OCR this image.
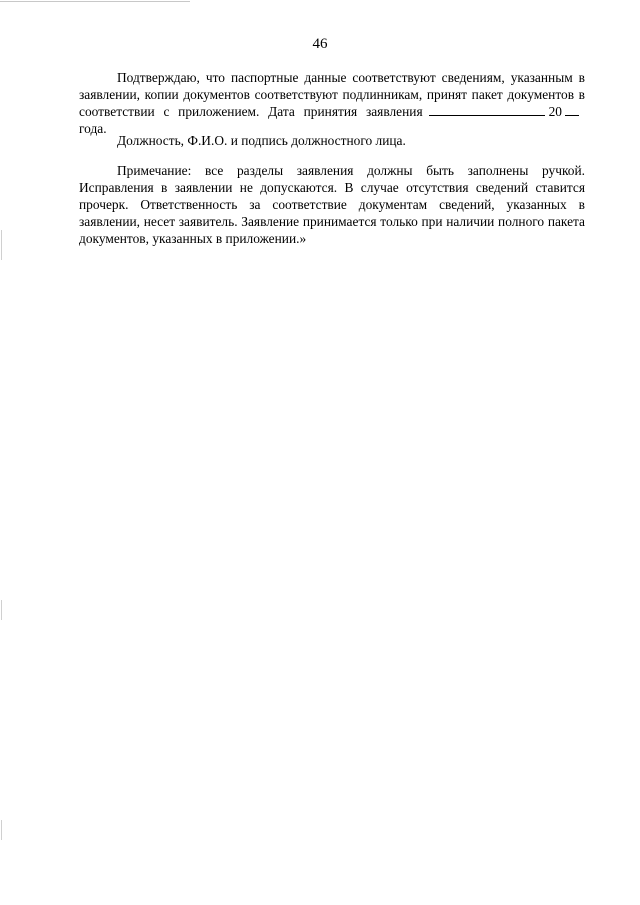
46
Подтверждаю, что паспортные данные соответствуют сведениям, указанным в заявлении, копии документов соответствуют подлинникам, принят пакет документов в соответствии с приложением. Дата принятия заявления	20года.
Должность, Ф.И.О. и подпись должностного лица.
Примечание: все разделы заявления должны быть заполнены ручкой. Исправления в заявлении не допускаются. В случае отсутствия сведений ставится прочерк. Ответственность за соответствие документам сведений, указанных в заявлении, несет заявитель. Заявление принимается только при наличии полного пакета документов, указанных в приложении.»
